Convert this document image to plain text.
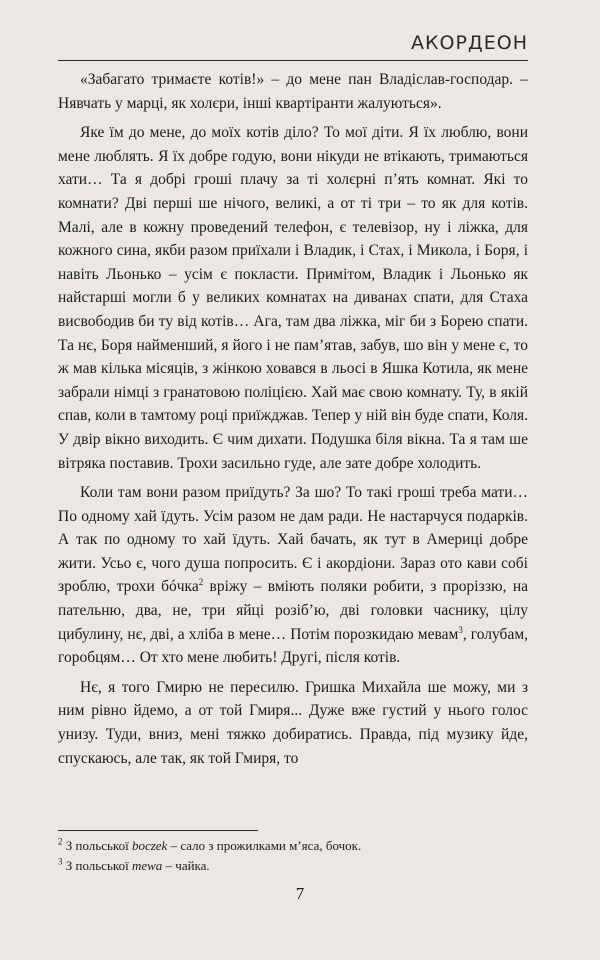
АКОРДЕОН

«Забагато тримаєте котів!» – до мене пан Владіслав-господар. – Нявчать у марці, як холєри, інші квартіранти жалуються».

Яке їм до мене, до моїх котів діло? То мої діти. Я їх люблю, вони мене люблять. Я їх добре годую, вони нікуди не втікають, тримаються хати… Та я добрі гроші плачу за ті холєрні п’ять комнат. Які то комнати? Дві перші ше нічого, великі, а от ті три – то як для котів. Малі, але в кожну проведений телефон, є телевізор, ну і ліжка, для кожного сина, якби разом приїхали і Владик, і Стах, і Микола, і Боря, і навіть Льонько – усім є покласти. Примітом, Владик і Льонько як найстаршi могли б у великих комнатах на диванах спати, для Стаха висвободив би ту від котів… Ага, там два ліжка, міг би з Борею спати. Та нє, Боря найменший, я його і не пам’ятав, забув, шо він у мене є, то ж мав кілька місяців, з жінкою ховався в льосі в Яшка Котила, як мене забрали німці з гранатовою поліцією. Хай має свою комнату. Ту, в якій спав, коли в тамтому році приїжджав. Тепер у ній він буде спати, Коля. У двір вікно виходить. Є чим дихати. Подушка біля вікна. Та я там ше вітряка поставив. Трохи засильно гуде, але зате добре холодить.

Коли там вони разом приїдуть? За шо? То такі гроші треба мати… По одному хай їдуть. Усім разом не дам ради. Не настарчуся подарків. А так по одному то хай їдуть. Хай бачать, як тут в Америці добре жити. Усьо є, чого душа попросить. Є і акордіони. Зараз ото кави собі зроблю, трохи бóчка$^2$ вріжу – вміють поляки робити, з проріззю, на пательню, два, не, три яйці розіб’ю, дві головки часнику, цілу цибулину, нє, дві, а хліба в мене… Потім порозкидаю мевам$^3$, голубам, горобцям… От хто мене любить! Другі, після котів.

Нє, я того Гмирю не пересилю. Гришка Михайла ше можу, ми з ним рівно йдемо, а от той Гмиря... Дуже вже густий у нього голос унизу. Туди, вниз, мені тяжко добиратись. Правда, під музику йде, спускаюсь, але так, як той Гмиря, то

$^2$ З польської boczek – сало з прожилками м’яса, бочок.

$^3$ З польської mewa – чайка.

7
